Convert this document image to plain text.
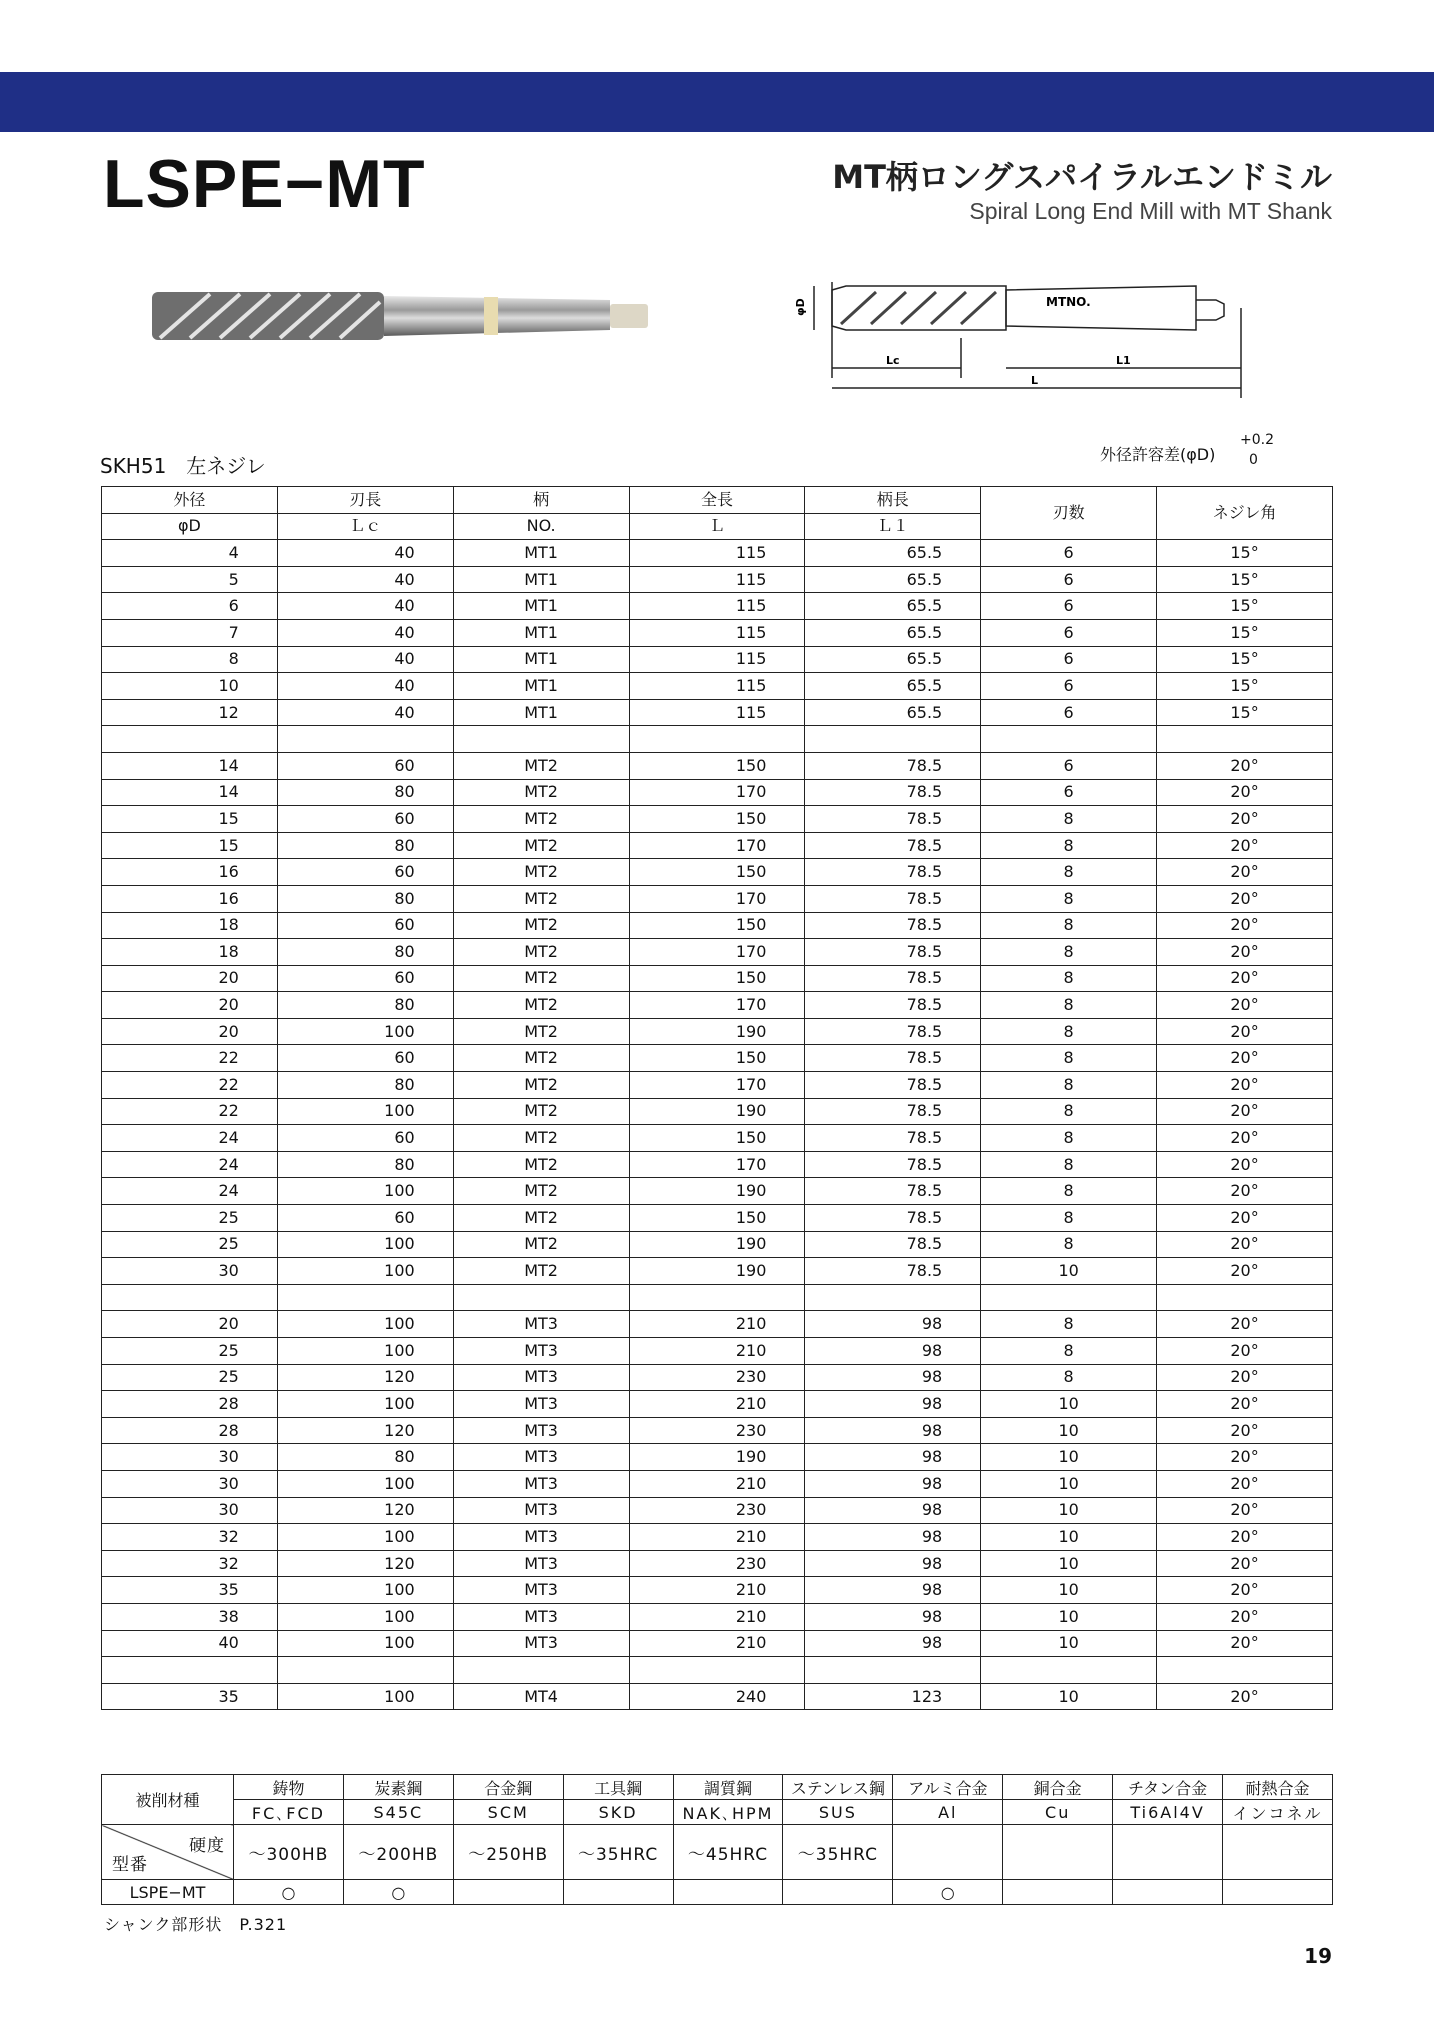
LSPE−MT	MT柄ロングスパイラルエンドミル
Spiral Long End Mill with MT Shank
MTNO.
φD
Lc	L1
L
SKH51　左ネジレ	外径許容差(φD)
+0.2
0
外径	刃長	柄	全長	柄長	刃数	ネジレ角
φD	Ｌｃ	NO.	Ｌ	Ｌ１		
4	40	MT1	115	65.5	6	15°
5	40	MT1	115	65.5	6	15°
6	40	MT1	115	65.5	6	15°
7	40	MT1	115	65.5	6	15°
8	40	MT1	115	65.5	6	15°
10	40	MT1	115	65.5	6	15°
12	40	MT1	115	65.5	6	15°

14	60	MT2	150	78.5	6	20°
14	80	MT2	170	78.5	6	20°
15	60	MT2	150	78.5	8	20°
15	80	MT2	170	78.5	8	20°
16	60	MT2	150	78.5	8	20°
16	80	MT2	170	78.5	8	20°
18	60	MT2	150	78.5	8	20°
18	80	MT2	170	78.5	8	20°
20	60	MT2	150	78.5	8	20°
20	80	MT2	170	78.5	8	20°
20	100	MT2	190	78.5	8	20°
22	60	MT2	150	78.5	8	20°
22	80	MT2	170	78.5	8	20°
22	100	MT2	190	78.5	8	20°
24	60	MT2	150	78.5	8	20°
24	80	MT2	170	78.5	8	20°
24	100	MT2	190	78.5	8	20°
25	60	MT2	150	78.5	8	20°
25	100	MT2	190	78.5	8	20°
30	100	MT2	190	78.5	10	20°

20	100	MT3	210	98	8	20°
25	100	MT3	210	98	8	20°
25	120	MT3	230	98	8	20°
28	100	MT3	210	98	10	20°
28	120	MT3	230	98	10	20°
30	80	MT3	190	98	10	20°
30	100	MT3	210	98	10	20°
30	120	MT3	230	98	10	20°
32	100	MT3	210	98	10	20°
32	120	MT3	230	98	10	20°
35	100	MT3	210	98	10	20°
38	100	MT3	210	98	10	20°
40	100	MT3	210	98	10	20°

35	100	MT4	240	123	10	20°
被削材種	鋳物	炭素鋼	合金鋼	工具鋼	調質鋼	ステンレス鋼	アルミ合金	銅合金	チタン合金	耐熱合金
	FC､FCD	S45C	SCM	SKD	NAK､HPM	SUS	Al	Cu	Ti6Al4V	インコネル

硬度
型番	～300HB	～200HB	～250HB	～35HRC	～45HRC	～35HRC				
LSPE−MT	○	○					○			
シャンク部形状　P.321
19
